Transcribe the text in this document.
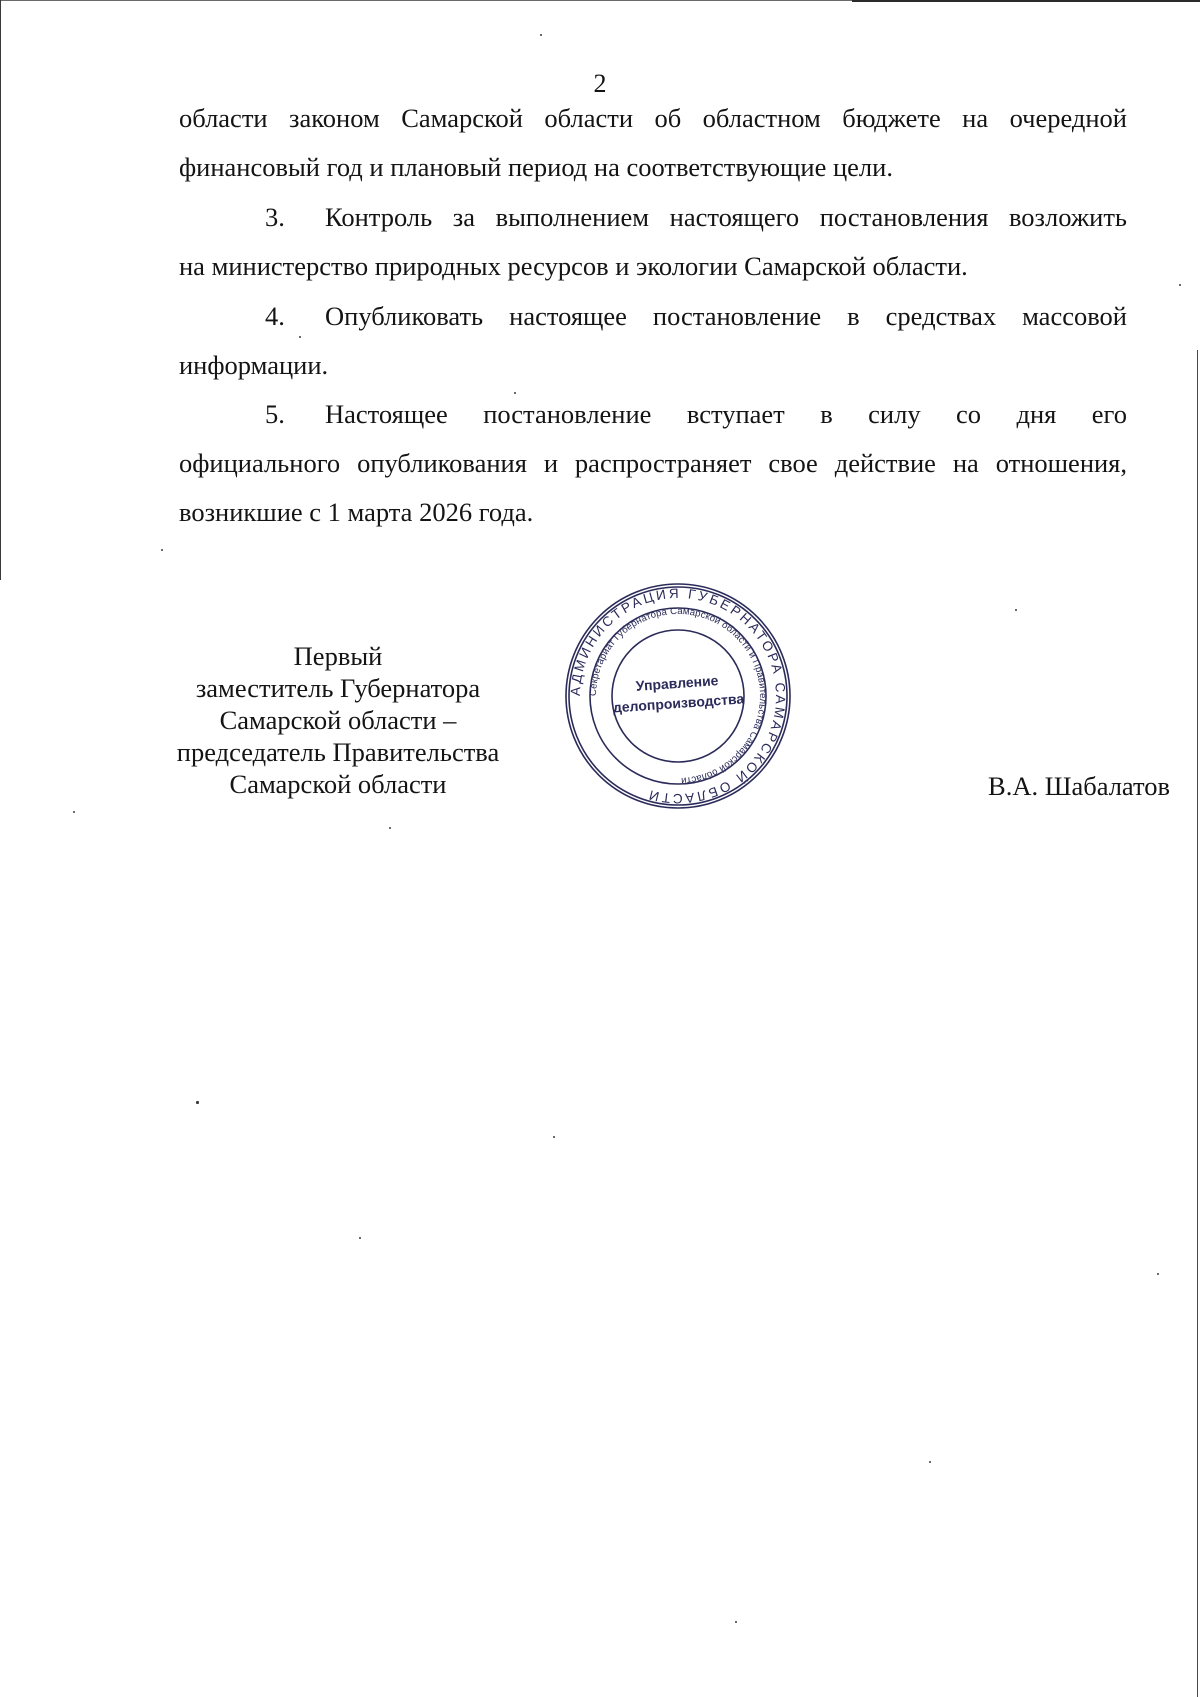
2

области законом Самарской области об областном бюджете на очередной

финансовый год и плановый период на соответствующие цели.

3. Контроль за выполнением настоящего постановления возложить

на министерство природных ресурсов и экологии Самарской области.

4. Опубликовать настоящее постановление в средствах массовой

информации.

5. Настоящее постановление вступает в силу со дня его

официального опубликования и распространяет свое действие на отношения,

возникшие с 1 марта 2026 года.

Первый
заместитель Губернатора
Самарской области –
председатель Правительства
Самарской области
АДМИНИСТРАЦИЯ ГУБЕРНАТОРА САМАРСКОЙ ОБЛАСТИ
Секретариат Губернатора Самарской области и Правительства Самарской области
Управление
делопроизводства
В.А. Шабалатов
